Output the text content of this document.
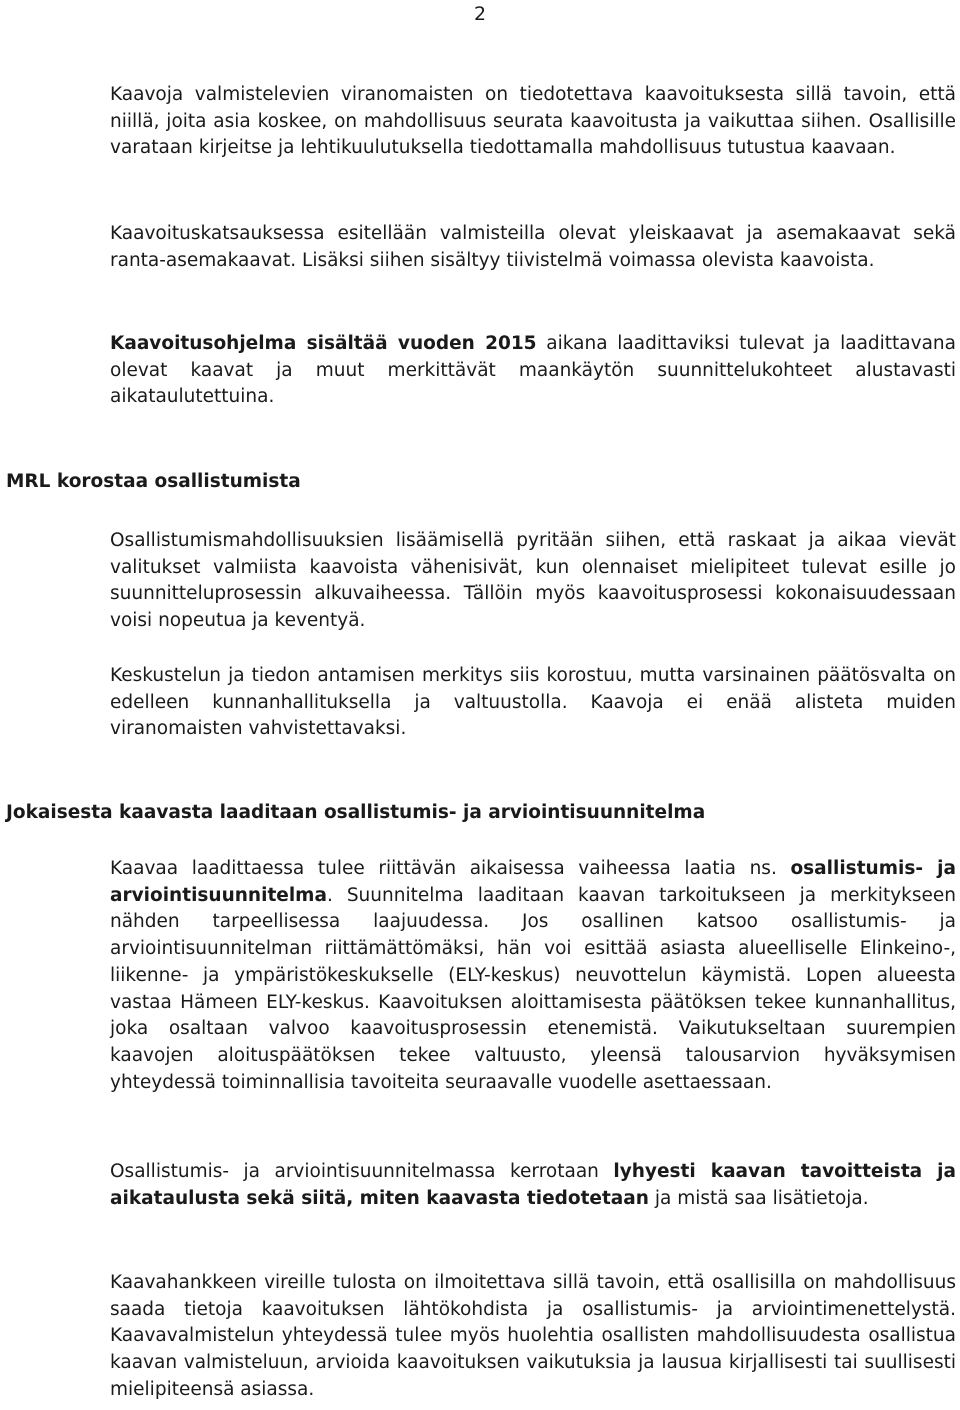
2

Kaavoja valmistelevien viranomaisten on tiedotettava kaavoituksesta sillä tavoin, että niillä, joita asia koskee, on mahdollisuus seurata kaavoitusta ja vaikuttaa siihen. Osallisille varataan kirjeitse ja lehtikuulutuksella tiedottamalla mahdollisuus tutustua kaavaan.

Kaavoituskatsauksessa esitellään valmisteilla olevat yleiskaavat ja asemakaavat sekä ranta-asemakaavat. Lisäksi siihen sisältyy tiivistelmä voimassa olevista kaavoista.

Kaavoitusohjelma sisältää vuoden 2015 aikana laadittaviksi tulevat ja laadittavana olevat kaavat ja muut merkittävät maankäytön suunnittelukohteet alustavasti aikataulutettuina.

MRL korostaa osallistumista

Osallistumismahdollisuuksien lisäämisellä pyritään siihen, että raskaat ja aikaa vievät valitukset valmiista kaavoista vähenisivät, kun olennaiset mielipiteet tulevat esille jo suunnitteluprosessin alkuvaiheessa. Tällöin myös kaavoitusprosessi kokonaisuudessaan voisi nopeutua ja keventyä.

Keskustelun ja tiedon antamisen merkitys siis korostuu, mutta varsinainen päätösvalta on edelleen kunnanhallituksella ja valtuustolla. Kaavoja ei enää alisteta muiden viranomaisten vahvistettavaksi.

Jokaisesta kaavasta laaditaan osallistumis- ja arviointisuunnitelma

Kaavaa laadittaessa tulee riittävän aikaisessa vaiheessa laatia ns. osallistumis- ja arviointisuunnitelma. Suunnitelma laaditaan kaavan tarkoitukseen ja merkitykseen nähden tarpeellisessa laajuudessa. Jos osallinen katsoo osallistumis- ja arviointisuunnitelman riittämättömäksi, hän voi esittää asiasta alueelliselle Elinkeino-, liikenne- ja ympäristökeskukselle (ELY-keskus) neuvottelun käymistä. Lopen alueesta vastaa Hämeen ELY-keskus. Kaavoituksen aloittamisesta päätöksen tekee kunnanhallitus, joka osaltaan valvoo kaavoitusprosessin etenemistä. Vaikutukseltaan suurempien kaavojen aloituspäätöksen tekee valtuusto, yleensä talousarvion hyväksymisen yhteydessä toiminnallisia tavoiteita seuraavalle vuodelle asettaessaan.

Osallistumis- ja arviointisuunnitelmassa kerrotaan lyhyesti kaavan tavoitteista ja aikataulusta sekä siitä, miten kaavasta tiedotetaan ja mistä saa lisätietoja.

Kaavahankkeen vireille tulosta on ilmoitettava sillä tavoin, että osallisilla on mahdollisuus saada tietoja kaavoituksen lähtökohdista ja osallistumis- ja arviointimenettelystä. Kaavavalmistelun yhteydessä tulee myös huolehtia osallisten mahdollisuudesta osallistua kaavan valmisteluun, arvioida kaavoituksen vaikutuksia ja lausua kirjallisesti tai suullisesti mielipiteensä asiassa.
